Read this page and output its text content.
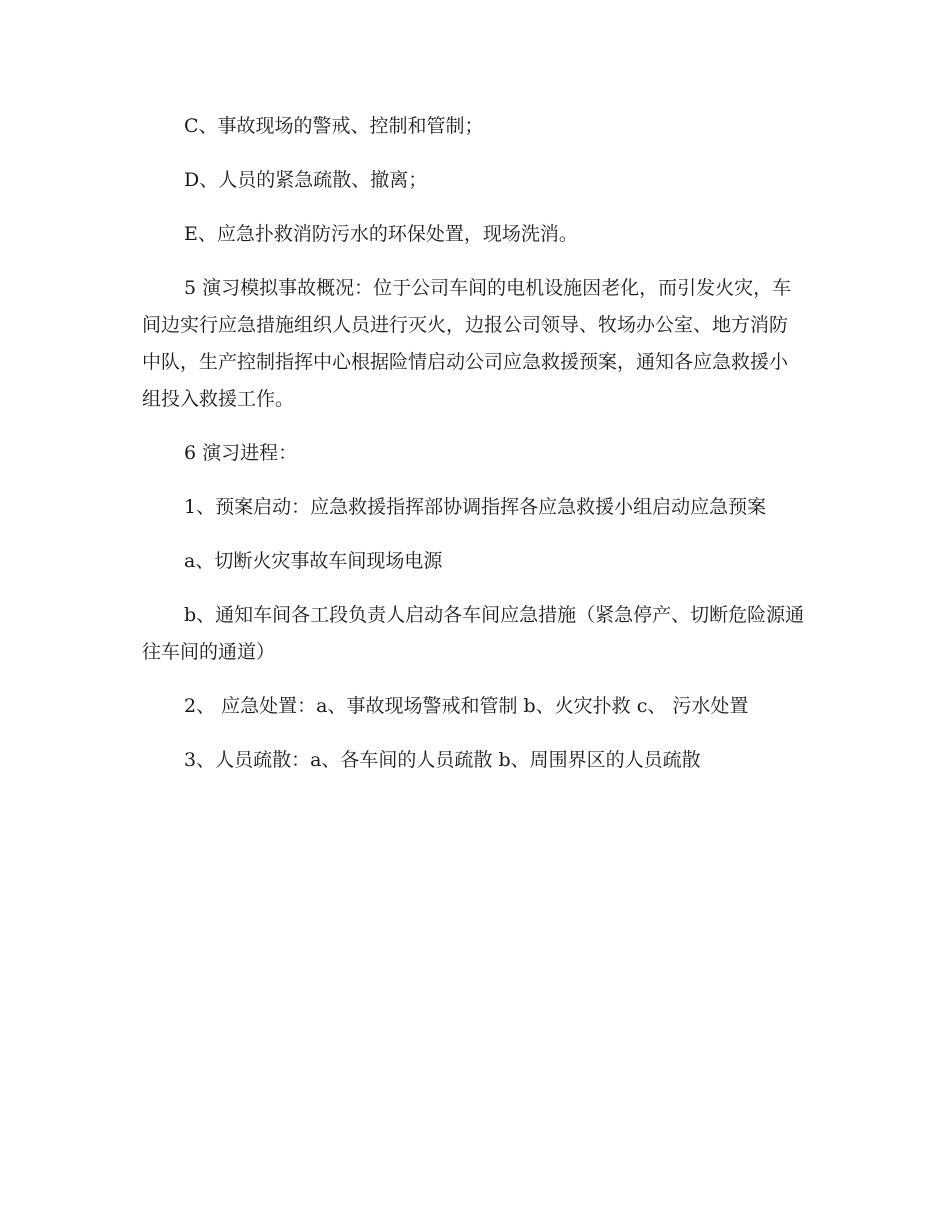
C、事故现场的警戒、控制和管制；

D、人员的紧急疏散、撤离；

E、应急扑救消防污水的环保处置，现场洗消。

5 演习模拟事故概况：位于公司车间的电机设施因老化，而引发火灾，车间边实行应急措施组织人员进行灭火，边报公司领导、牧场办公室、地方消防中队，生产控制指挥中心根据险情启动公司应急救援预案，通知各应急救援小组投入救援工作。

6 演习进程：

1、预案启动：应急救援指挥部协调指挥各应急救援小组启动应急预案

a、切断火灾事故车间现场电源

b、通知车间各工段负责人启动各车间应急措施（紧急停产、切断危险源通往车间的通道）

2、 应急处置：a、事故现场警戒和管制 b、火灾扑救 c、 污水处置

3、人员疏散：a、各车间的人员疏散 b、周围界区的人员疏散
